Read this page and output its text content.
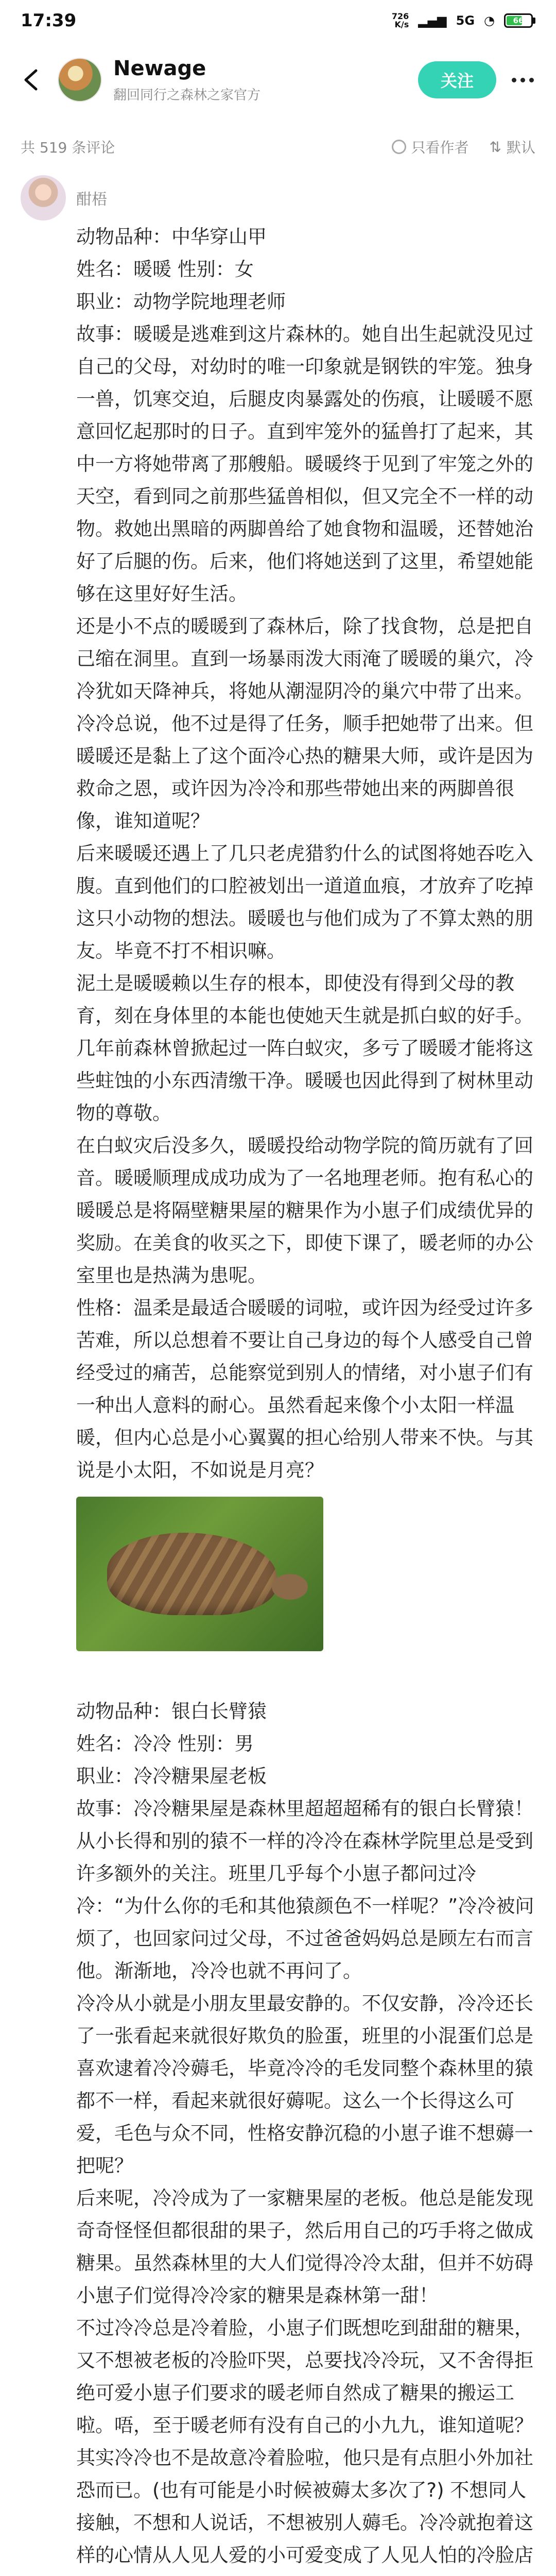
17:39	726
K/s ▂▄▆ 5G ◔	66
Newage
翻回同行之森林之家官方
关注
共 519 条评论	只看作者 ⇅ 默认
酣梧

动物品种：中华穿山甲

姓名：暖暖 性别：女

职业：动物学院地理老师

故事：暖暖是逃难到这片森林的。她自出生起就没见过自己的父母，对幼时的唯一印象就是钢铁的牢笼。独身一兽，饥寒交迫，后腿皮肉暴露处的伤痕，让暖暖不愿意回忆起那时的日子。直到牢笼外的猛兽打了起来，其中一方将她带离了那艘船。暖暖终于见到了牢笼之外的天空，看到同之前那些猛兽相似，但又完全不一样的动物。救她出黑暗的两脚兽给了她食物和温暖，还替她治好了后腿的伤。后来，他们将她送到了这里，希望她能够在这里好好生活。

还是小不点的暖暖到了森林后，除了找食物，总是把自己缩在洞里。直到一场暴雨泼大雨淹了暖暖的巢穴，冷冷犹如天降神兵，将她从潮湿阴冷的巢穴中带了出来。冷冷总说，他不过是得了任务，顺手把她带了出来。但暖暖还是黏上了这个面冷心热的糖果大师，或许是因为救命之恩，或许因为冷冷和那些带她出来的两脚兽很像，谁知道呢？

后来暖暖还遇上了几只老虎猎豹什么的试图将她吞吃入腹。直到他们的口腔被划出一道道血痕，才放弃了吃掉这只小动物的想法。暖暖也与他们成为了不算太熟的朋友。毕竟不打不相识嘛。

泥土是暖暖赖以生存的根本，即使没有得到父母的教育，刻在身体里的本能也使她天生就是抓白蚁的好手。几年前森林曾掀起过一阵白蚁灾，多亏了暖暖才能将这些蛀蚀的小东西清缴干净。暖暖也因此得到了树林里动物的尊敬。

在白蚁灾后没多久，暖暖投给动物学院的简历就有了回音。暖暖顺理成成功成为了一名地理老师。抱有私心的暖暖总是将隔壁糖果屋的糖果作为小崽子们成绩优异的奖励。在美食的收买之下，即使下课了，暖老师的办公室里也是热满为患呢。

性格：温柔是最适合暖暖的词啦，或许因为经受过许多苦难，所以总想着不要让自己身边的每个人感受自己曾经受过的痛苦，总能察觉到别人的情绪，对小崽子们有一种出人意料的耐心。虽然看起来像个小太阳一样温暖，但内心总是小心翼翼的担心给别人带来不快。与其说是小太阳，不如说是月亮？

动物品种：银白长臂猿

姓名：冷冷 性别：男

职业：冷冷糖果屋老板

故事：冷冷糖果屋是森林里超超超稀有的银白长臂猿！从小长得和别的猿不一样的冷冷在森林学院里总是受到许多额外的关注。班里几乎每个小崽子都问过冷冷：“为什么你的毛和其他猿颜色不一样呢？”冷冷被问烦了，也回家问过父母，不过爸爸妈妈总是顾左右而言他。渐渐地，冷冷也就不再问了。

冷冷从小就是小朋友里最安静的。不仅安静，冷冷还长了一张看起来就很好欺负的脸蛋，班里的小混蛋们总是喜欢逮着冷冷薅毛，毕竟冷冷的毛发同整个森林里的猿都不一样，看起来就很好薅呢。这么一个长得这么可爱，毛色与众不同，性格安静沉稳的小崽子谁不想薅一把呢？

后来呢，冷冷成为了一家糖果屋的老板。他总是能发现奇奇怪怪但都很甜的果子，然后用自己的巧手将之做成糖果。虽然森林里的大人们觉得冷冷太甜，但并不妨碍小崽子们觉得冷冷家的糖果是森林第一甜！

不过冷冷总是冷着脸，小崽子们既想吃到甜甜的糖果，又不想被老板的冷脸吓哭，总要找冷冷玩，又不舍得拒绝可爱小崽子们要求的暖老师自然成了糖果的搬运工啦。唔，至于暖老师有没有自己的小九九，谁知道呢？

其实冷冷也不是故意冷着脸啦，他只是有点胆小外加社恐而已。(也有可能是小时候被薅太多次了?) 不想同人接触，不想和人说话，不想被别人薅毛。冷冷就抱着这样的心情从人见人爱的小可爱变成了人见人怕的冷脸店
